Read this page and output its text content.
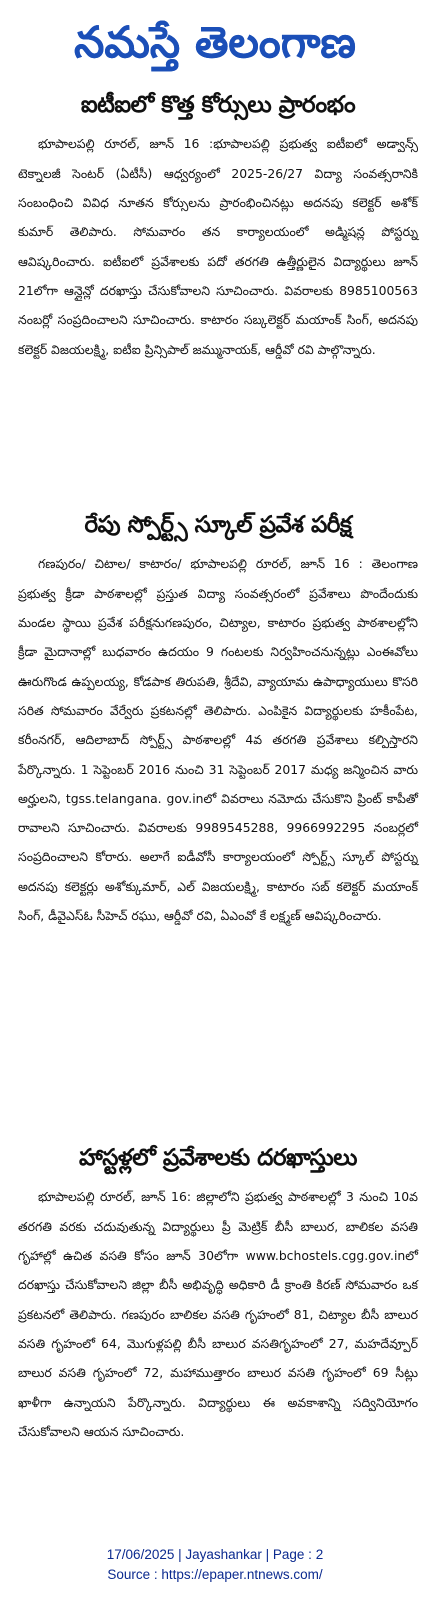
నమస్తే తెలంగాణ
ఐటీఐలో కొత్త కోర్సులు ప్రారంభం
భూపాలపల్లి రూరల్, జూన్ 16 :భూపాలపల్లి ప్రభుత్వ ఐటీఐలో అడ్వాన్స్ టెక్నాలజీ సెంటర్ (ఏటీసీ) ఆధ్వర్యంలో 2025-26/27 విద్యా సంవత్సరానికి సంబంధించి వివిధ నూతన కోర్సులను ప్రారంభించినట్లు అదనపు కలెక్టర్ అశోక్ కుమార్ తెలిపారు. సోమవారం తన కార్యాలయంలో అడ్మిషన్ల పోస్టర్ను ఆవిష్కరించారు. ఐటీఐలో ప్రవేశాలకు పదో తరగతి ఉత్తీర్ణులైన విద్యార్థులు జూన్ 21లోగా ఆన్లైన్లో దరఖాస్తు చేసుకోవాలని సూచించారు. వివరాలకు 8985100563 నంబర్లో సంప్రదించాలని సూచించారు. కాటారం సబ్కలెక్టర్ మయాంక్ సింగ్, అదనపు కలెక్టర్ విజయలక్ష్మి, ఐటీఐ ప్రిన్సిపాల్ జమ్మునాయక్, ఆర్డీవో రవి పాల్గొన్నారు.
రేపు స్పోర్ట్స్ స్కూల్ ప్రవేశ పరీక్ష
గణపురం/ చిటాల/ కాటారం/ భూపాలపల్లి రూరల్, జూన్ 16 : తెలంగాణ ప్రభుత్వ క్రీడా పాఠశాలల్లో ప్రస్తుత విద్యా సంవత్సరంలో ప్రవేశాలు పొందేందుకు మండల స్థాయి ప్రవేశ పరీక్షనుగణపురం, చిట్యాల, కాటారం ప్రభుత్వ పాఠశాలల్లోని క్రీడా మైదానాల్లో బుధవారం ఉదయం 9 గంటలకు నిర్వహించనున్నట్లు ఎంఈవోలు ఊరుగొండ ఉప్పలయ్య, కోడపాక తిరుపతి, శ్రీదేవి, వ్యాయామ ఉపాధ్యాయులు కొసరి సరిత సోమవారం వేర్వేరు ప్రకటనల్లో తెలిపారు. ఎంపికైన విద్యార్థులకు హకీంపేట, కరీంనగర్, ఆదిలాబాద్ స్పోర్ట్స్ పాఠశాలల్లో 4వ తరగతి ప్రవేశాలు కల్పిస్తారని పేర్కొన్నారు. 1 సెప్టెంబర్ 2016 నుంచి 31 సెప్టెంబర్ 2017 మధ్య జన్మించిన వారు అర్హులని, tgss.telangana. gov.inలో వివరాలు నమోదు చేసుకొని ప్రింట్ కాపీతో రావాలని సూచించారు. వివరాలకు 9989545288, 9966992295 నంబర్లలో సంప్రదించాలని కోరారు. అలాగే ఐడీవోసీ కార్యాలయంలో స్పోర్ట్స్ స్కూల్ పోస్టర్ను అదనపు కలెక్టర్లు అశోక్కుమార్, ఎల్ విజయలక్ష్మి, కాటారం సబ్ కలెక్టర్ మయాంక్ సింగ్, డీవైఎస్ఓ సీహెచ్ రఘు, ఆర్డీవో రవి, ఏఎంవో కే లక్ష్మణ్ ఆవిష్కరించారు.
హాస్టళ్లలో ప్రవేశాలకు దరఖాస్తులు
భూపాలపల్లి రూరల్, జూన్ 16: జిల్లాలోని ప్రభుత్వ పాఠశాలల్లో 3 నుంచి 10వ తరగతి వరకు చదువుతున్న విద్యార్థులు ప్రీ మెట్రిక్ బీసీ బాలుర, బాలికల వసతి గృహాల్లో ఉచిత వసతి కోసం జూన్ 30లోగా www.bchostels.cgg.gov.inలో దరఖాస్తు చేసుకోవాలని జిల్లా బీసీ అభివృద్ధి అధికారి డీ క్రాంతి కిరణ్ సోమవారం ఒక ప్రకటనలో తెలిపారు. గణపురం బాలికల వసతి గృహంలో 81, చిట్యాల బీసీ బాలుర వసతి గృహంలో 64, మొగుళ్లపల్లి బీసీ బాలుర వసతిగృహంలో 27, మహదేవ్పూర్ బాలుర వసతి గృహంలో 72, మహాముత్తారం బాలుర వసతి గృహంలో 69 సీట్లు ఖాళీగా ఉన్నాయని పేర్కొన్నారు. విద్యార్థులు ఈ అవకాశాన్ని సద్వినియోగం చేసుకోవాలని ఆయన సూచించారు.
17/06/2025 | Jayashankar | Page : 2
Source : https://epaper.ntnews.com/
